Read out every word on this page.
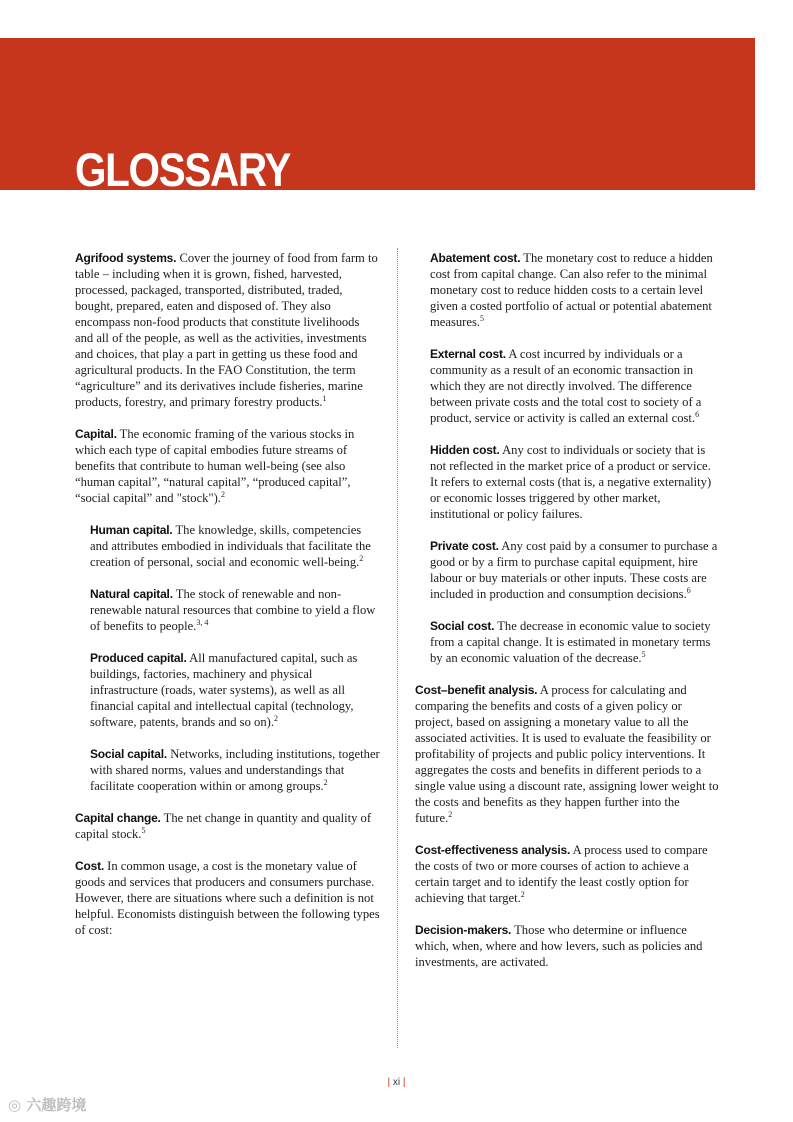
GLOSSARY

Agrifood systems. Cover the journey of food from farm to table – including when it is grown, fished, harvested, processed, packaged, transported, distributed, traded, bought, prepared, eaten and disposed of. They also encompass non-food products that constitute livelihoods and all of the people, as well as the activities, investments and choices, that play a part in getting us these food and agricultural products. In the FAO Constitution, the term “agriculture” and its derivatives include fisheries, marine products, forestry, and primary forestry products.$^1$

Capital. The economic framing of the various stocks in which each type of capital embodies future streams of benefits that contribute to human well-being (see also “human capital”, “natural capital”, “produced capital”, “social capital” and "stock").$^2$

Human capital. The knowledge, skills, competencies and attributes embodied in individuals that facilitate the creation of personal, social and economic well-being.$^2$

Natural capital. The stock of renewable and non-renewable natural resources that combine to yield a flow of benefits to people.$^{3, 4}$

Produced capital. All manufactured capital, such as buildings, factories, machinery and physical infrastructure (roads, water systems), as well as all financial capital and intellectual capital (technology, software, patents, brands and so on).$^2$

Social capital. Networks, including institutions, together with shared norms, values and understandings that facilitate cooperation within or among groups.$^2$

Capital change. The net change in quantity and quality of capital stock.$^5$

Cost. In common usage, a cost is the monetary value of goods and services that producers and consumers purchase. However, there are situations where such a definition is not helpful. Economists distinguish between the following types of cost:

Abatement cost. The monetary cost to reduce a hidden cost from capital change. Can also refer to the minimal monetary cost to reduce hidden costs to a certain level given a costed portfolio of actual or potential abatement measures.$^5$

External cost. A cost incurred by individuals or a community as a result of an economic transaction in which they are not directly involved. The difference between private costs and the total cost to society of a product, service or activity is called an external cost.$^6$

Hidden cost. Any cost to individuals or society that is not reflected in the market price of a product or service. It refers to external costs (that is, a negative externality) or economic losses triggered by other market, institutional or policy failures.

Private cost. Any cost paid by a consumer to purchase a good or by a firm to purchase capital equipment, hire labour or buy materials or other inputs. These costs are included in production and consumption decisions.$^6$

Social cost. The decrease in economic value to society from a capital change. It is estimated in monetary terms by an economic valuation of the decrease.$^5$

Cost–benefit analysis. A process for calculating and comparing the benefits and costs of a given policy or project, based on assigning a monetary value to all the associated activities. It is used to evaluate the feasibility or profitability of projects and public policy interventions. It aggregates the costs and benefits in different periods to a single value using a discount rate, assigning lower weight to the costs and benefits as they happen further into the future.$^2$

Cost-effectiveness analysis. A process used to compare the costs of two or more courses of action to achieve a certain target and to identify the least costly option for achieving that target.$^2$

Decision-makers. Those who determine or influence which, when, where and how levers, such as policies and investments, are activated.

| xi |
◎ 六趣跨境
